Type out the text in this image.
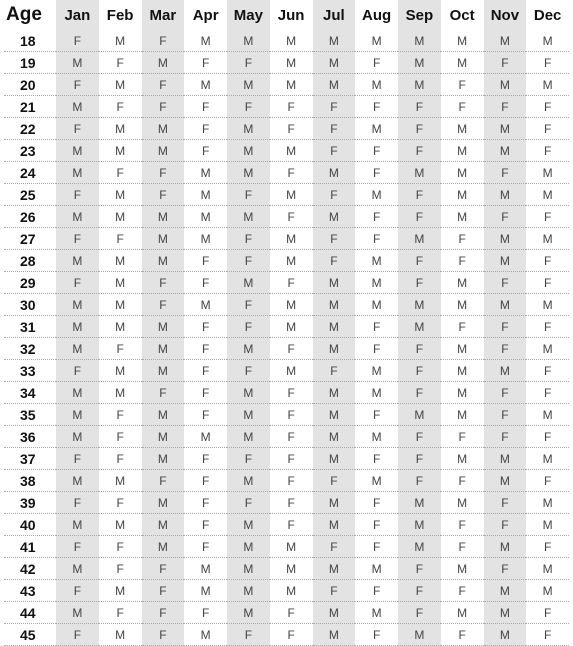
Age	Jan	Feb	Mar	Apr	May	Jun	Jul	Aug	Sep	Oct	Nov	Dec
18	F	M	F	M	M	M	M	M	M	M	M	M
19	M	F	M	F	F	M	M	F	M	M	F	F
20	F	M	F	M	M	M	M	M	M	F	M	M
21	M	F	F	F	F	F	F	F	F	F	F	F
22	F	M	M	F	M	F	F	M	F	M	M	F
23	M	M	M	F	M	M	F	F	F	M	M	F
24	M	F	F	M	M	F	M	F	M	M	F	M
25	F	M	F	M	F	M	F	M	F	M	M	M
26	M	M	M	M	M	F	M	F	F	M	F	F
27	F	F	M	M	F	M	F	F	M	F	M	M
28	M	M	M	F	F	M	F	M	F	F	M	F
29	F	M	F	F	M	F	M	M	F	M	F	F
30	M	M	F	M	F	M	M	M	M	M	M	M
31	M	M	M	F	F	M	M	F	M	F	F	F
32	M	F	M	F	M	F	M	F	F	M	F	M
33	F	M	M	F	F	M	F	M	F	M	M	F
34	M	M	F	F	M	F	M	M	F	M	F	F
35	M	F	M	F	M	F	M	F	M	M	F	M
36	M	F	M	M	M	F	M	M	F	F	F	F
37	F	F	M	F	F	F	M	F	F	M	M	M
38	M	M	F	F	M	F	F	M	F	F	M	F
39	F	F	M	F	F	F	M	F	M	M	F	M
40	M	M	M	F	M	F	M	F	M	F	F	M
41	F	F	M	F	M	M	F	F	M	F	M	F
42	M	F	F	M	M	M	M	M	F	M	F	M
43	F	M	F	M	M	M	F	F	F	F	M	M
44	M	F	F	F	M	F	M	M	F	M	M	F
45	F	M	F	M	F	F	M	F	M	F	M	F
